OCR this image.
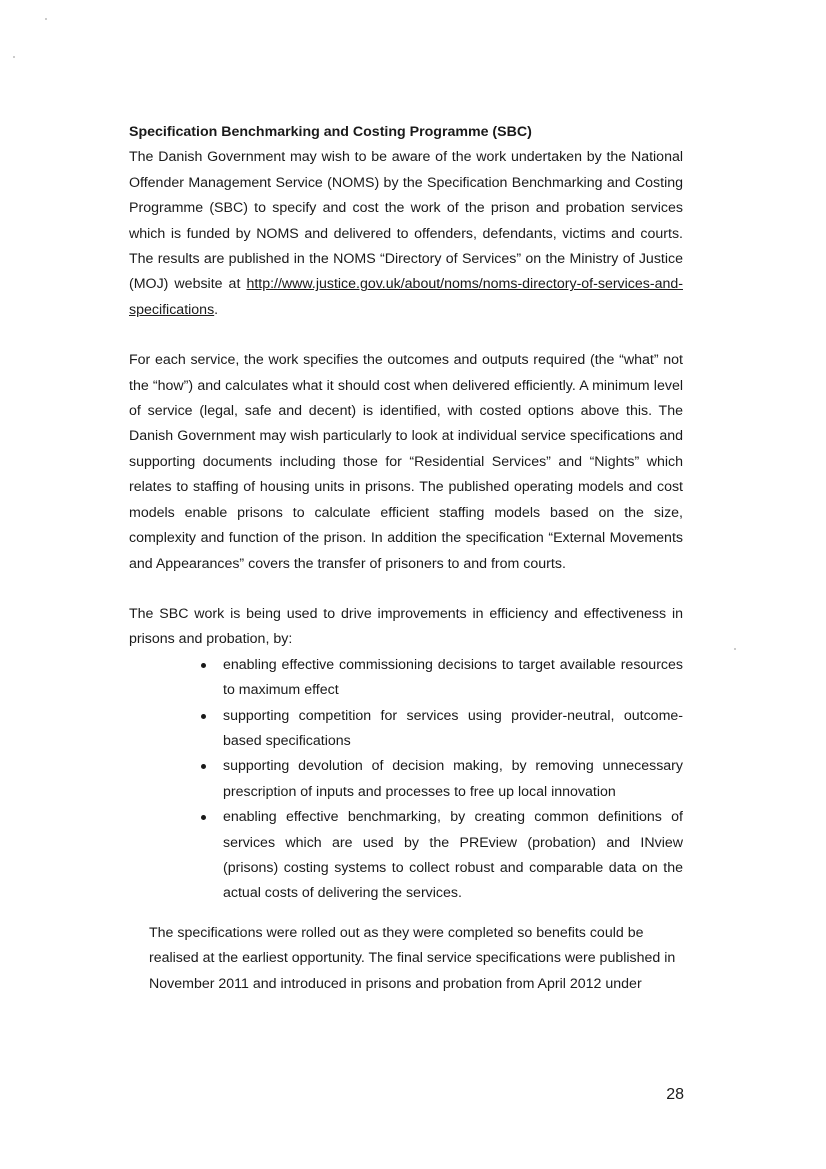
Specification Benchmarking and Costing Programme (SBC)

The Danish Government may wish to be aware of the work undertaken by the National Offender Management Service (NOMS) by the Specification Benchmarking and Costing Programme (SBC) to specify and cost the work of the prison and probation services which is funded by NOMS and delivered to offenders, defendants, victims and courts. The results are published in the NOMS “Directory of Services” on the Ministry of Justice (MOJ) website at http://www.justice.gov.uk/about/noms/noms-directory-of-services-and-specifications.

For each service, the work specifies the outcomes and outputs required (the “what” not the “how”) and calculates what it should cost when delivered efficiently. A minimum level of service (legal, safe and decent) is identified, with costed options above this. The Danish Government may wish particularly to look at individual service specifications and supporting documents including those for “Residential Services” and “Nights” which relates to staffing of housing units in prisons. The published operating models and cost models enable prisons to calculate efficient staffing models based on the size, complexity and function of the prison. In addition the specification “External Movements and Appearances” covers the transfer of prisoners to and from courts.

The SBC work is being used to drive improvements in efficiency and effectiveness in prisons and probation, by:

enabling effective commissioning decisions to target available resources to maximum effect
supporting competition for services using provider-neutral, outcome-based specifications
supporting devolution of decision making, by removing unnecessary prescription of inputs and processes to free up local innovation
enabling effective benchmarking, by creating common definitions of services which are used by the PREview (probation) and INview (prisons) costing systems to collect robust and comparable data on the actual costs of delivering the services.

The specifications were rolled out as they were completed so benefits could be realised at the earliest opportunity. The final service specifications were published in November 2011 and introduced in prisons and probation from April 2012 under

28
